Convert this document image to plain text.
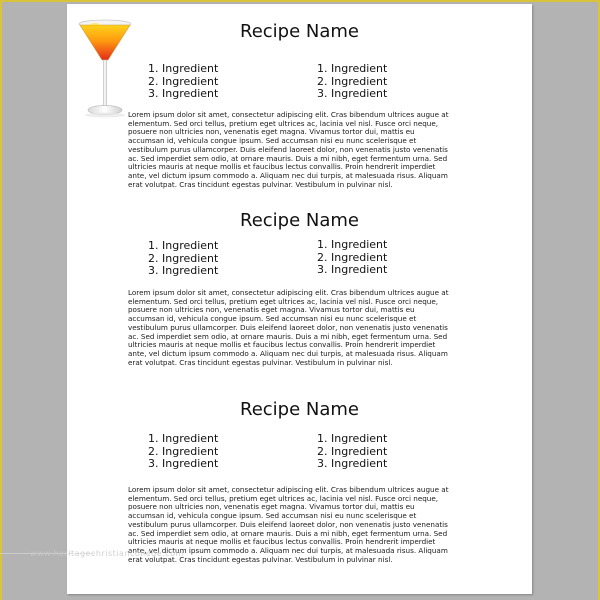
Recipe Name
1. Ingredient
2. Ingredient
3. Ingredient
1. Ingredient
2. Ingredient
3. Ingredient

Lorem ipsum dolor sit amet, consectetur adipiscing elit. Cras bibendum ultrices augue at elementum. Sed orci tellus, pretium eget ultrices ac, lacinia vel nisl. Fusce orci neque, posuere non ultricies non, venenatis eget magna. Vivamus tortor dui, mattis eu accumsan id, vehicula congue ipsum. Sed accumsan nisi eu nunc scelerisque et vestibulum purus ullamcorper. Duis eleifend laoreet dolor, non venenatis justo venenatis ac. Sed imperdiet sem odio, at ornare mauris. Duis a mi nibh, eget fermentum urna. Sed ultricies mauris at neque mollis et faucibus lectus convallis. Proin hendrerit imperdiet ante, vel dictum ipsum commodo a. Aliquam nec dui turpis, at malesuada risus. Aliquam erat volutpat. Cras tincidunt egestas pulvinar. Vestibulum in pulvinar nisl.

Recipe Name
1. Ingredient
2. Ingredient
3. Ingredient
1. Ingredient
2. Ingredient
3. Ingredient

Lorem ipsum dolor sit amet, consectetur adipiscing elit. Cras bibendum ultrices augue at elementum. Sed orci tellus, pretium eget ultrices ac, lacinia vel nisl. Fusce orci neque, posuere non ultricies non, venenatis eget magna. Vivamus tortor dui, mattis eu accumsan id, vehicula congue ipsum. Sed accumsan nisi eu nunc scelerisque et vestibulum purus ullamcorper. Duis eleifend laoreet dolor, non venenatis justo venenatis ac. Sed imperdiet sem odio, at ornare mauris. Duis a mi nibh, eget fermentum urna. Sed ultricies mauris at neque mollis et faucibus lectus convallis. Proin hendrerit imperdiet ante, vel dictum ipsum commodo a. Aliquam nec dui turpis, at malesuada risus. Aliquam erat volutpat. Cras tincidunt egestas pulvinar. Vestibulum in pulvinar nisl.

Recipe Name
1. Ingredient
2. Ingredient
3. Ingredient
1. Ingredient
2. Ingredient
3. Ingredient

Lorem ipsum dolor sit amet, consectetur adipiscing elit. Cras bibendum ultrices augue at elementum. Sed orci tellus, pretium eget ultrices ac, lacinia vel nisl. Fusce orci neque, posuere non ultricies non, venenatis eget magna. Vivamus tortor dui, mattis eu accumsan id, vehicula congue ipsum. Sed accumsan nisi eu nunc scelerisque et vestibulum purus ullamcorper. Duis eleifend laoreet dolor, non venenatis justo venenatis ac. Sed imperdiet sem odio, at ornare mauris. Duis a mi nibh, eget fermentum urna. Sed ultricies mauris at neque mollis et faucibus lectus convallis. Proin hendrerit imperdiet ante, vel dictum ipsum commodo a. Aliquam nec dui turpis, at malesuada risus. Aliquam erat volutpat. Cras tincidunt egestas pulvinar. Vestibulum in pulvinar nisl.

www.heritagechristiancollege.com
